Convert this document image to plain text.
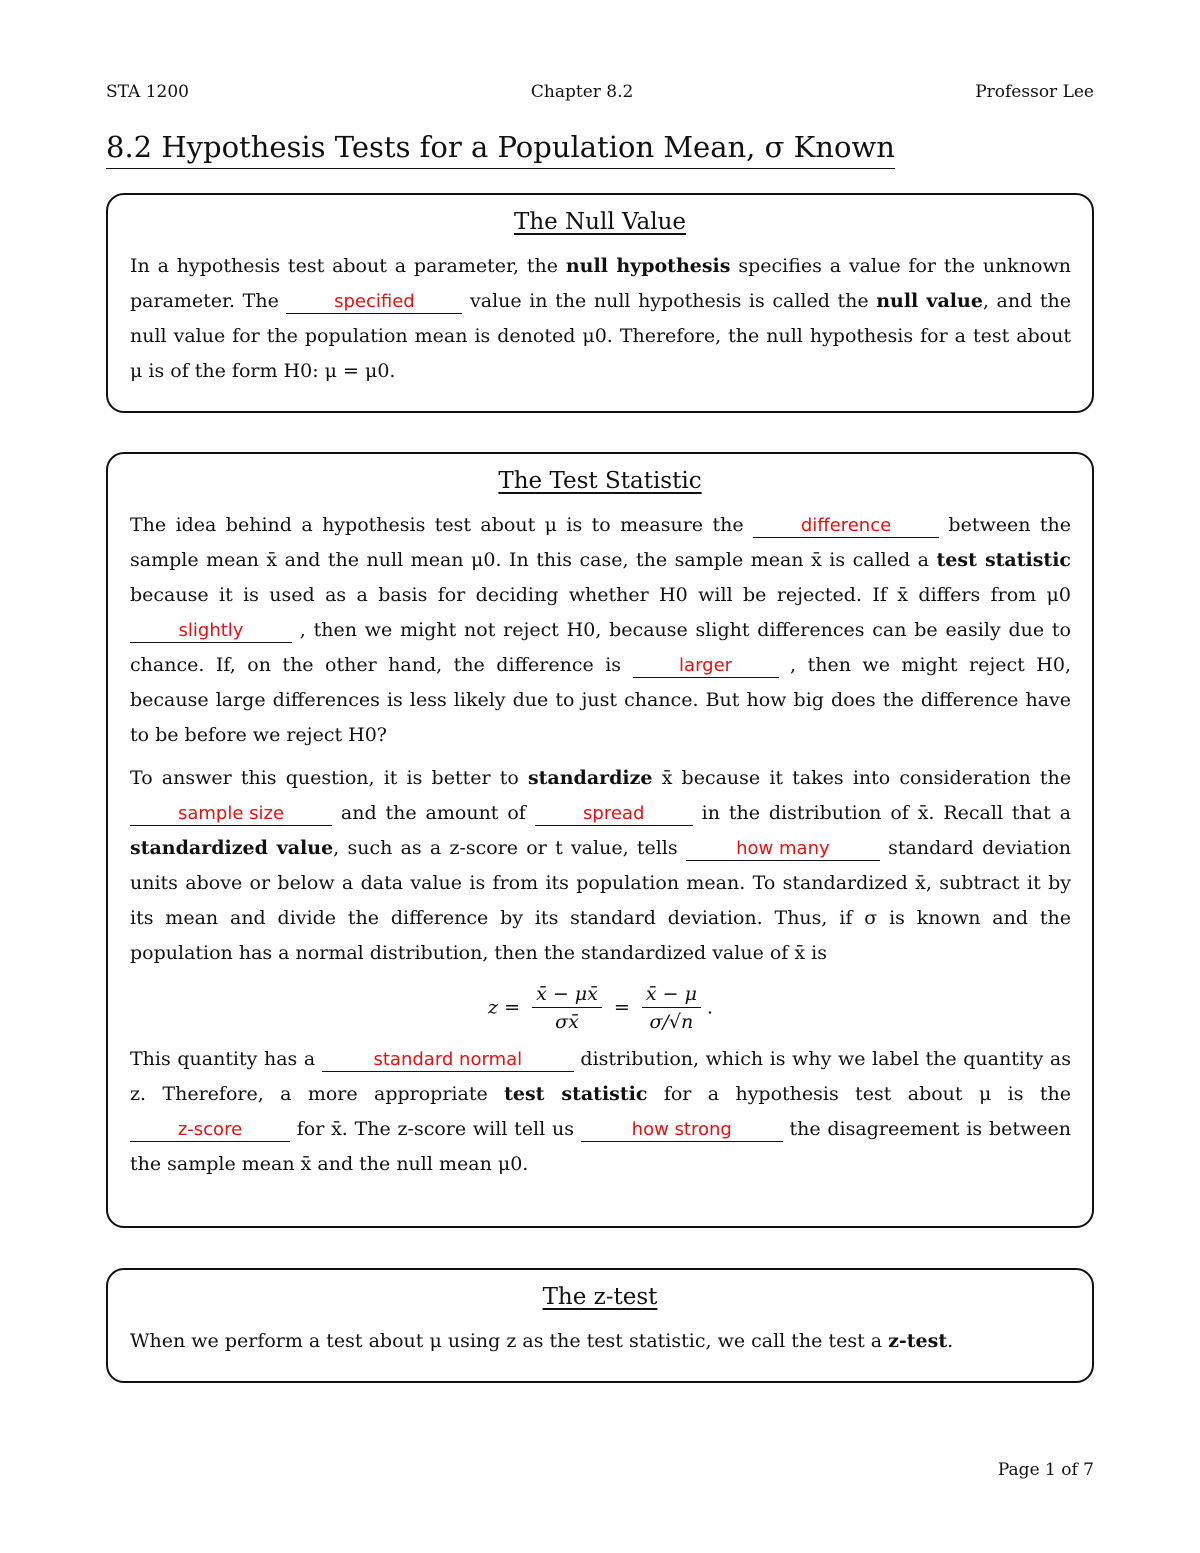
STA 1200	Chapter 8.2	Professor Lee
8.2 Hypothesis Tests for a Population Mean, σ Known
The Null Value

In a hypothesis test about a parameter, the null hypothesis specifies a value for the unknown parameter. The	specified	value in the null hypothesis is called the null value, and the null value for the population mean is denoted μ0. Therefore, the null hypothesis for a test about μ is of the form H0: μ = μ0.

The Test Statistic

The idea behind a hypothesis test about μ is to measure the	difference	between the sample mean x̄ and the null mean μ0. In this case, the sample mean x̄ is called a test statistic because it is used as a basis for deciding whether H0 will be rejected. If x̄ differs from μ0 slightly	, then we might not reject H0, because slight differences can be easily due to chance. If, on the other hand, the difference is	larger , then we might reject H0, because large differences is less likely due to just chance. But how big does the difference have to be before we reject H0?

To answer this question, it is better to standardize x̄ because it takes into consideration the sample size	and the amount of	spread	in the distribution of x̄. Recall that a standardized value, such as a z-score or t value, tells	how many	standard deviation units above or below a data value is from its population mean. To standardized x̄, subtract it by its mean and divide the difference by its standard deviation. Thus, if σ is known and the population has a normal distribution, then the standardized value of x̄ is

$z = \frac{x̄ - \mu x̄}{\sigma x̄} = \frac{x̄ - \mu}{\sigma/√n}$ .

This quantity has a	standard normal	distribution, which is why we label the quantity as z. Therefore, a more appropriate test statistic for a hypothesis test about μ is the z-score	for x̄. The z-score will tell us	how strong	the disagreement is between the sample mean x̄ and the null mean μ0.

The z-test

When we perform a test about μ using z as the test statistic, we call the test a z-test.

Page 1 of 7
